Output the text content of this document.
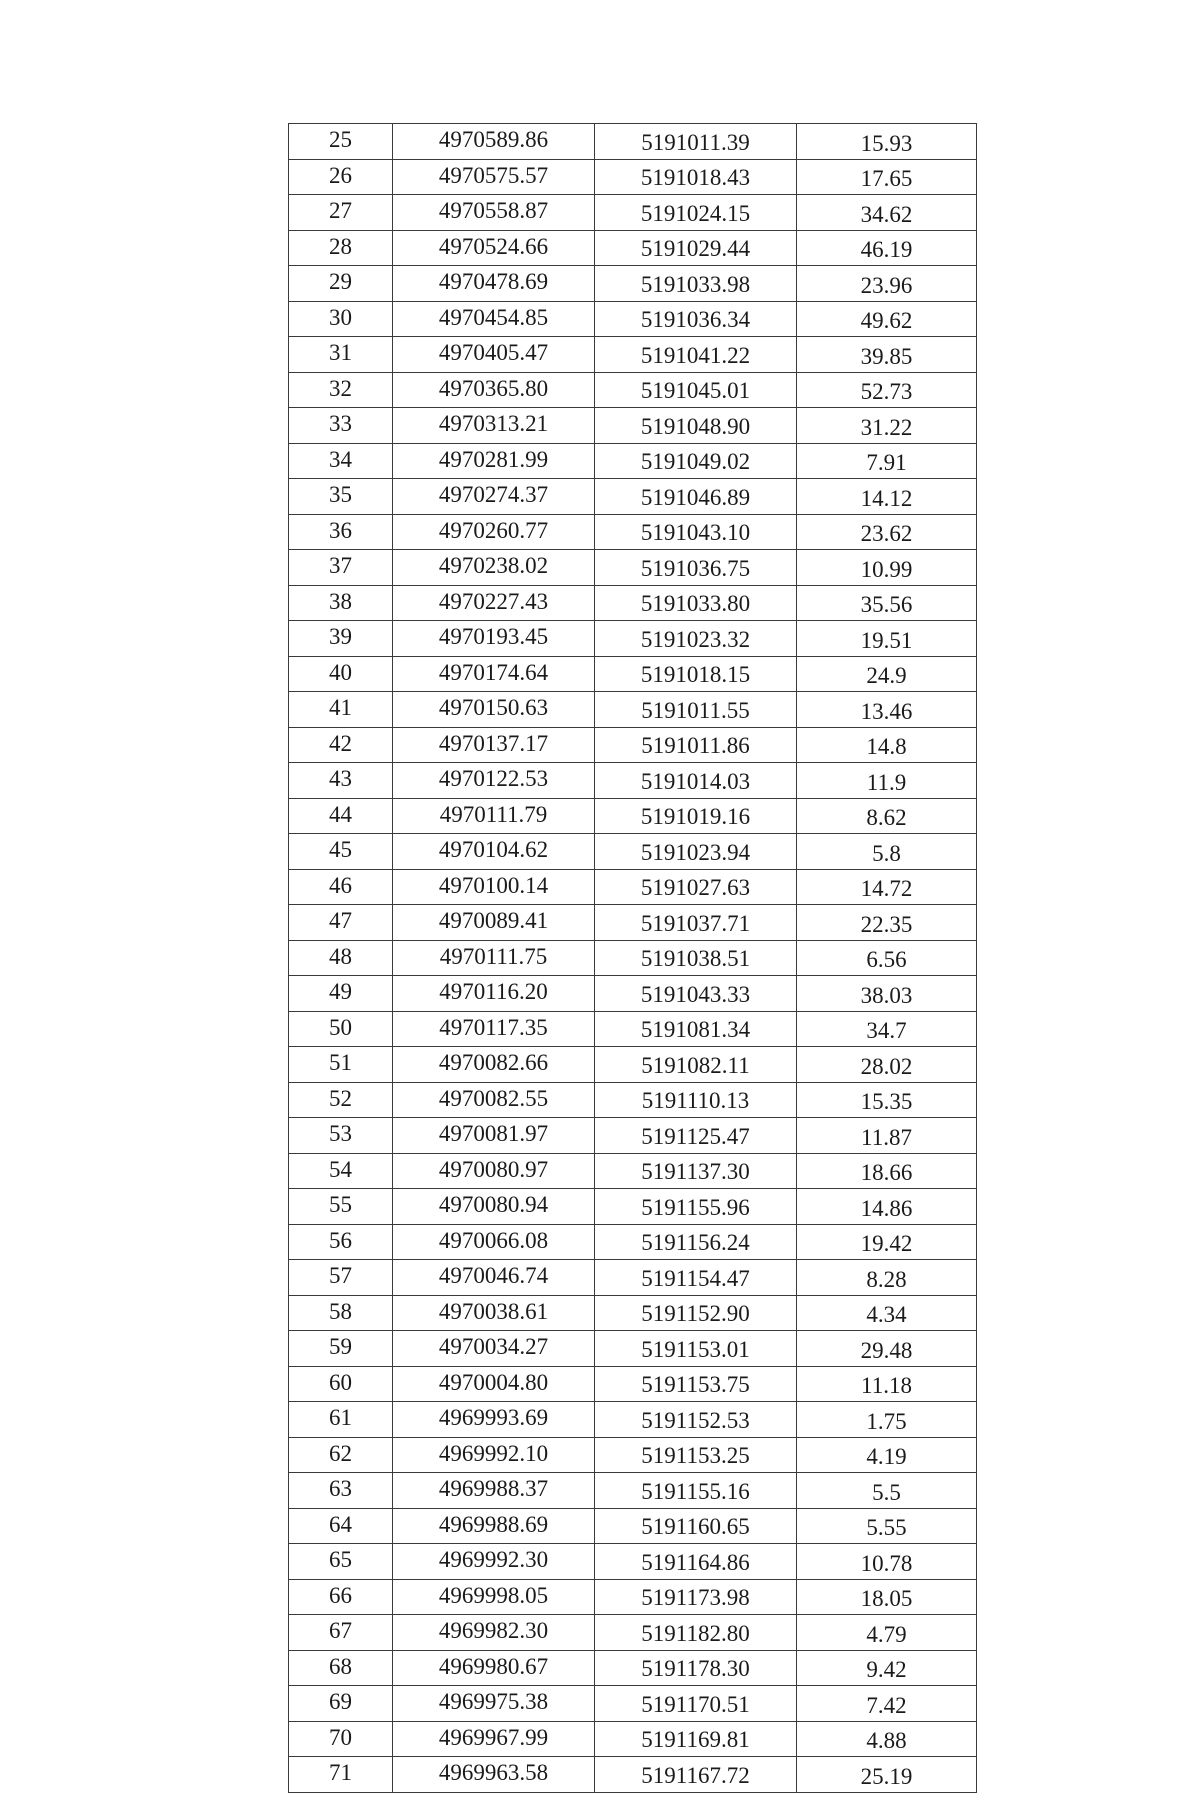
25	4970589.86	5191011.39	15.93
26	4970575.57	5191018.43	17.65
27	4970558.87	5191024.15	34.62
28	4970524.66	5191029.44	46.19
29	4970478.69	5191033.98	23.96
30	4970454.85	5191036.34	49.62
31	4970405.47	5191041.22	39.85
32	4970365.80	5191045.01	52.73
33	4970313.21	5191048.90	31.22
34	4970281.99	5191049.02	7.91
35	4970274.37	5191046.89	14.12
36	4970260.77	5191043.10	23.62
37	4970238.02	5191036.75	10.99
38	4970227.43	5191033.80	35.56
39	4970193.45	5191023.32	19.51
40	4970174.64	5191018.15	24.9
41	4970150.63	5191011.55	13.46
42	4970137.17	5191011.86	14.8
43	4970122.53	5191014.03	11.9
44	4970111.79	5191019.16	8.62
45	4970104.62	5191023.94	5.8
46	4970100.14	5191027.63	14.72
47	4970089.41	5191037.71	22.35
48	4970111.75	5191038.51	6.56
49	4970116.20	5191043.33	38.03
50	4970117.35	5191081.34	34.7
51	4970082.66	5191082.11	28.02
52	4970082.55	5191110.13	15.35
53	4970081.97	5191125.47	11.87
54	4970080.97	5191137.30	18.66
55	4970080.94	5191155.96	14.86
56	4970066.08	5191156.24	19.42
57	4970046.74	5191154.47	8.28
58	4970038.61	5191152.90	4.34
59	4970034.27	5191153.01	29.48
60	4970004.80	5191153.75	11.18
61	4969993.69	5191152.53	1.75
62	4969992.10	5191153.25	4.19
63	4969988.37	5191155.16	5.5
64	4969988.69	5191160.65	5.55
65	4969992.30	5191164.86	10.78
66	4969998.05	5191173.98	18.05
67	4969982.30	5191182.80	4.79
68	4969980.67	5191178.30	9.42
69	4969975.38	5191170.51	7.42
70	4969967.99	5191169.81	4.88
71	4969963.58	5191167.72	25.19
